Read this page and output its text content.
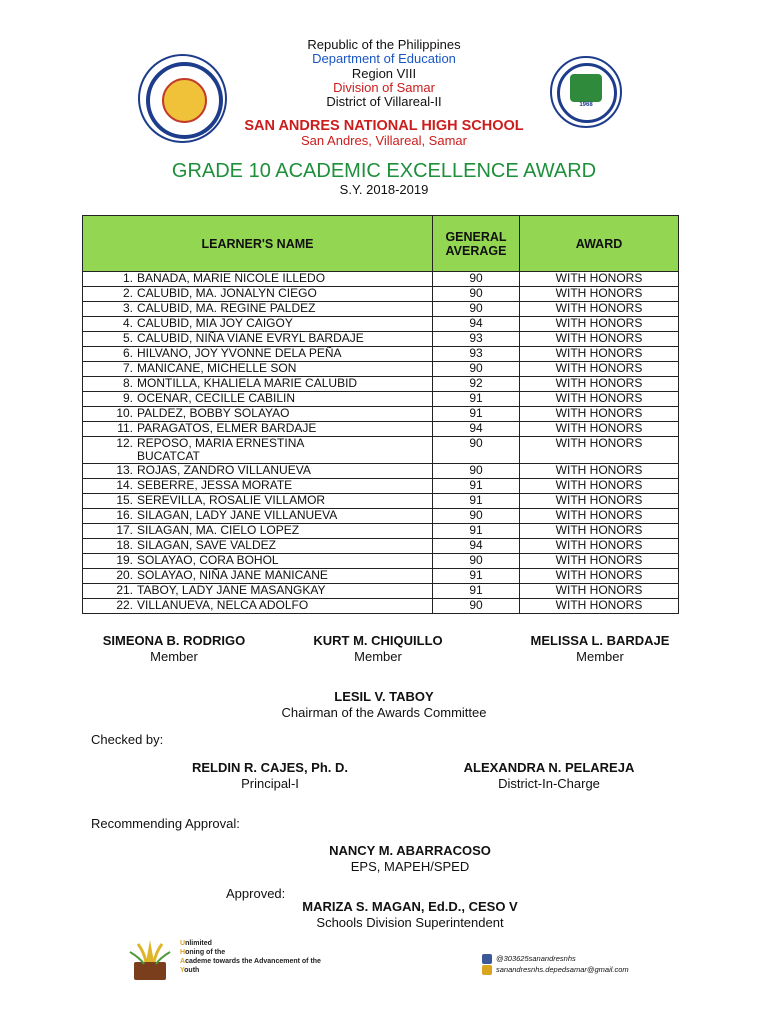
1968
Republic of the Philippines
Department of Education
Region VIII
Division of Samar
District of Villareal-II
SAN ANDRES NATIONAL HIGH SCHOOL
San Andres, Villareal, Samar
GRADE 10 ACADEMIC EXCELLENCE AWARD
S.Y. 2018-2019
LEARNER'S NAME	GENERAL AVERAGE	AWARD
1. BANADA, MARIE NICOLE ILLEDO	90	WITH HONORS
2. CALUBID, MA. JONALYN CIEGO	90	WITH HONORS
3. CALUBID, MA. REGINE PALDEZ	90	WITH HONORS
4. CALUBID, MIA JOY CAIGOY	94	WITH HONORS
5. CALUBID, NIÑA VIANE EVRYL BARDAJE	93	WITH HONORS
6. HILVANO, JOY YVONNE DELA PEÑA	93	WITH HONORS
7. MANICANE, MICHELLE SON	90	WITH HONORS
8. MONTILLA, KHALIELA MARIE CALUBID	92	WITH HONORS
9. OCENAR, CECILLE CABILIN	91	WITH HONORS
10. PALDEZ, BOBBY SOLAYAO	91	WITH HONORS
11. PARAGATOS, ELMER BARDAJE	94	WITH HONORS
12. REPOSO, MARIA ERNESTINA BUCATCAT	90	WITH HONORS
13. ROJAS, ZANDRO VILLANUEVA	90	WITH HONORS
14. SEBERRE, JESSA MORATE	91	WITH HONORS
15. SEREVILLA, ROSALIE VILLAMOR	91	WITH HONORS
16. SILAGAN, LADY JANE VILLANUEVA	90	WITH HONORS
17. SILAGAN, MA. CIELO LOPEZ	91	WITH HONORS
18. SILAGAN, SAVE VALDEZ	94	WITH HONORS
19. SOLAYAO, CORA BOHOL	90	WITH HONORS
20. SOLAYAO, NIÑA JANE MANICANE	91	WITH HONORS
21. TABOY, LADY JANE MASANGKAY	91	WITH HONORS
22. VILLANUEVA, NELCA ADOLFO	90	WITH HONORS
SIMEONA B. RODRIGO
Member
KURT M. CHIQUILLO
Member
MELISSA L. BARDAJE
Member
LESIL V. TABOY
Chairman of the Awards Committee
Checked by:
RELDIN R. CAJES, Ph. D.
Principal-I
ALEXANDRA N. PELAREJA
District-In-Charge
Recommending Approval:
NANCY M. ABARRACOSO
EPS, MAPEH/SPED
Approved:
MARIZA S. MAGAN, Ed.D., CESO V
Schools Division Superintendent
Unlimited
Honing of the
Academe towards the Advancement of the
Youth
@303625sanandresnhs
sanandresnhs.depedsamar@gmail.com
